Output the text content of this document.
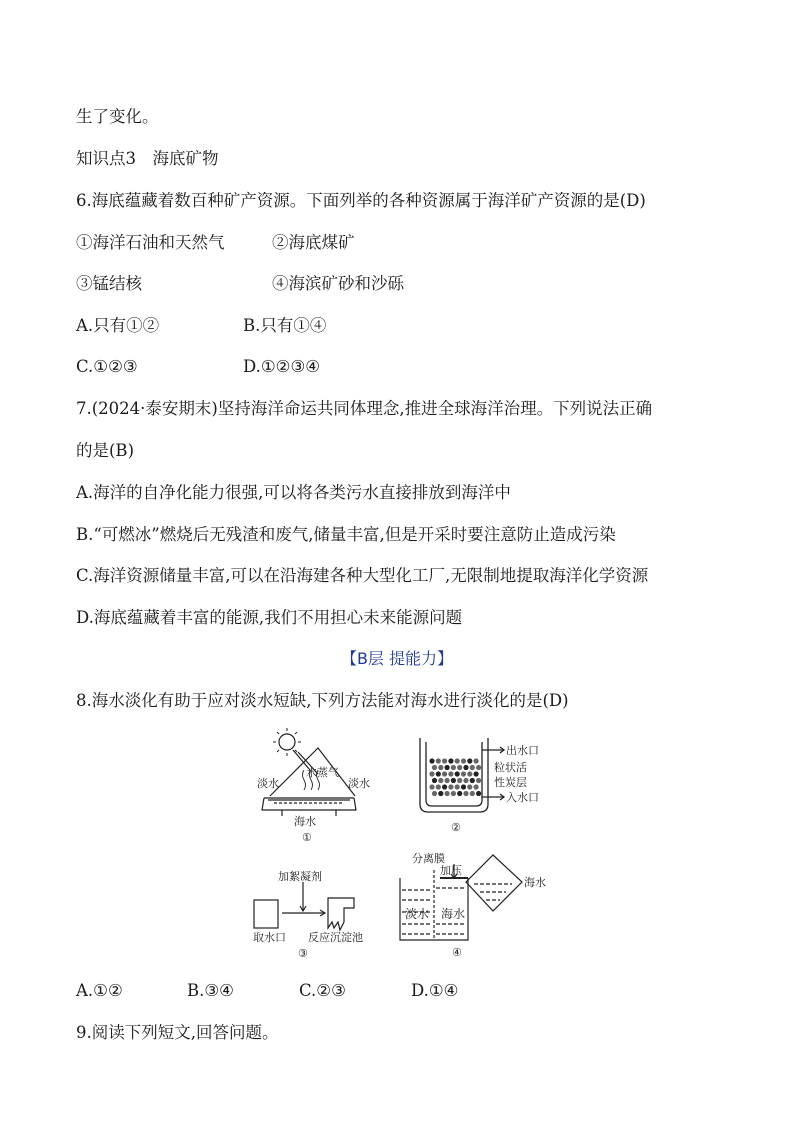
生了变化。
知识点3　海底矿物
6.海底蕴藏着数百种矿产资源。下面列举的各种资源属于海洋矿产资源的是(D)
①海洋石油和天然气	②海底煤矿
③锰结核	④海滨矿砂和沙砾
A.只有①②	B.只有①④
C.①②③	D.①②③④
7.(2024·泰安期末)坚持海洋命运共同体理念,推进全球海洋治理。下列说法正确
的是(B)
A.海洋的自净化能力很强,可以将各类污水直接排放到海洋中
B.“可燃冰”燃烧后无残渣和废气,储量丰富,但是开采时要注意防止造成污染
C.海洋资源储量丰富,可以在沿海建各种大型化工厂,无限制地提取海洋化学资源
D.海底蕴藏着丰富的能源,我们不用担心未来能源问题
【B层 提能力】
8.海水淡化有助于应对淡水短缺,下列方法能对海水进行淡化的是(D)
淡水
水蒸气
淡水
海水
①
出水口
粒状活
性炭层
入水口
②
加絮凝剂
取水口 反应沉淀池
③
分离膜
加压
淡水 海水
海水
④
A.①②	B.③④	C.②③	D.①④
9.阅读下列短文,回答问题。
